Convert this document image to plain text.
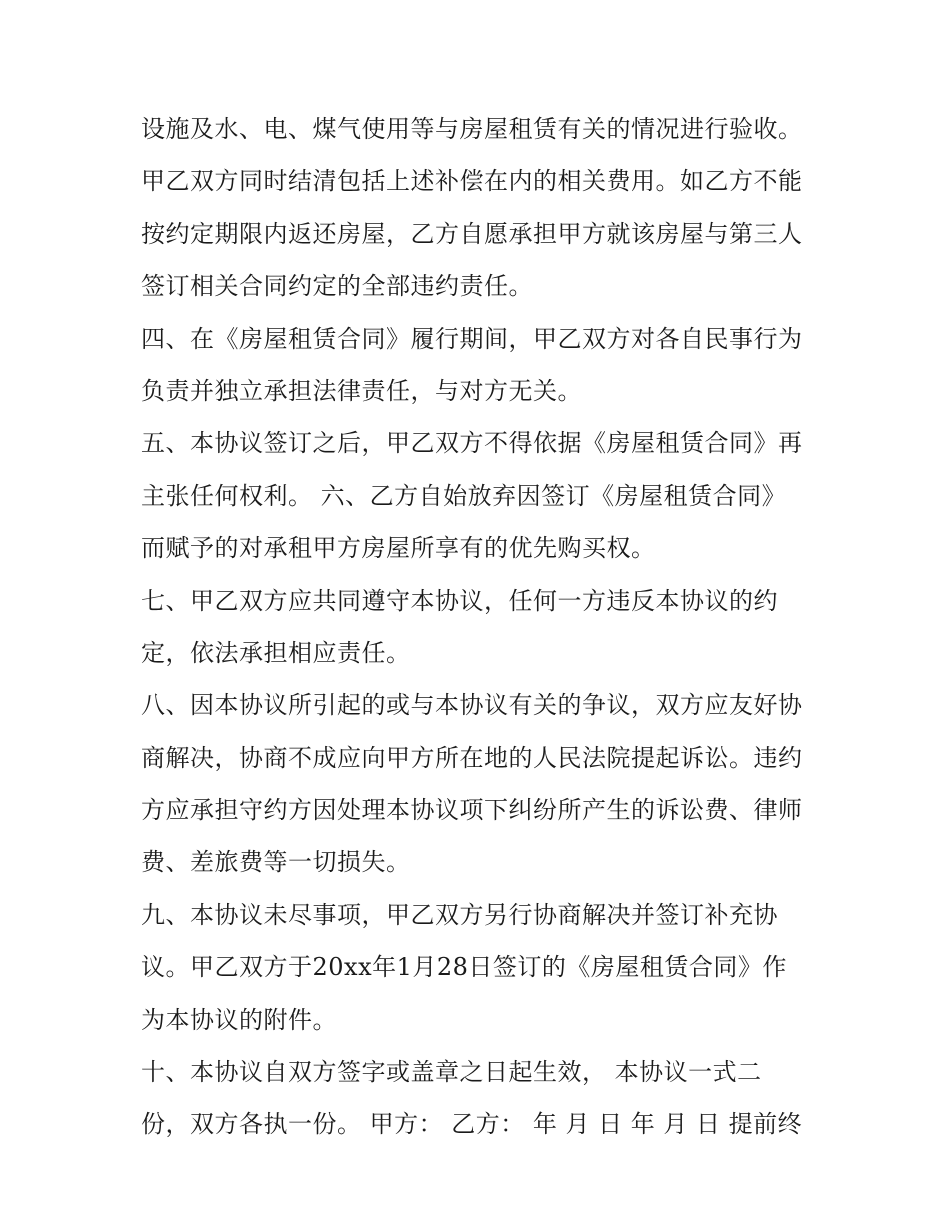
设施及水、电、煤气使用等与房屋租赁有关的情况进行验收。
甲乙双方同时结清包括上述补偿在内的相关费用。如乙方不能
按约定期限内返还房屋，乙方自愿承担甲方就该房屋与第三人
签订相关合同约定的全部违约责任。
四、在《房屋租赁合同》履行期间，甲乙双方对各自民事行为
负责并独立承担法律责任，与对方无关。
五、本协议签订之后，甲乙双方不得依据《房屋租赁合同》再
主张任何权利。 六、乙方自始放弃因签订《房屋租赁合同》
而赋予的对承租甲方房屋所享有的优先购买权。
七、甲乙双方应共同遵守本协议，任何一方违反本协议的约
定，依法承担相应责任。
八、因本协议所引起的或与本协议有关的争议，双方应友好协
商解决，协商不成应向甲方所在地的人民法院提起诉讼。违约
方应承担守约方因处理本协议项下纠纷所产生的诉讼费、律师
费、差旅费等一切损失。
九、本协议未尽事项，甲乙双方另行协商解决并签订补充协
议。甲乙双方于20xx年1月28日签订的《房屋租赁合同》作
为本协议的附件。
十、本协议自双方签字或盖章之日起生效， 本协议一式二
份，双方各执一份。 甲方： 乙方： 年 月 日 年 月 日 提前终
